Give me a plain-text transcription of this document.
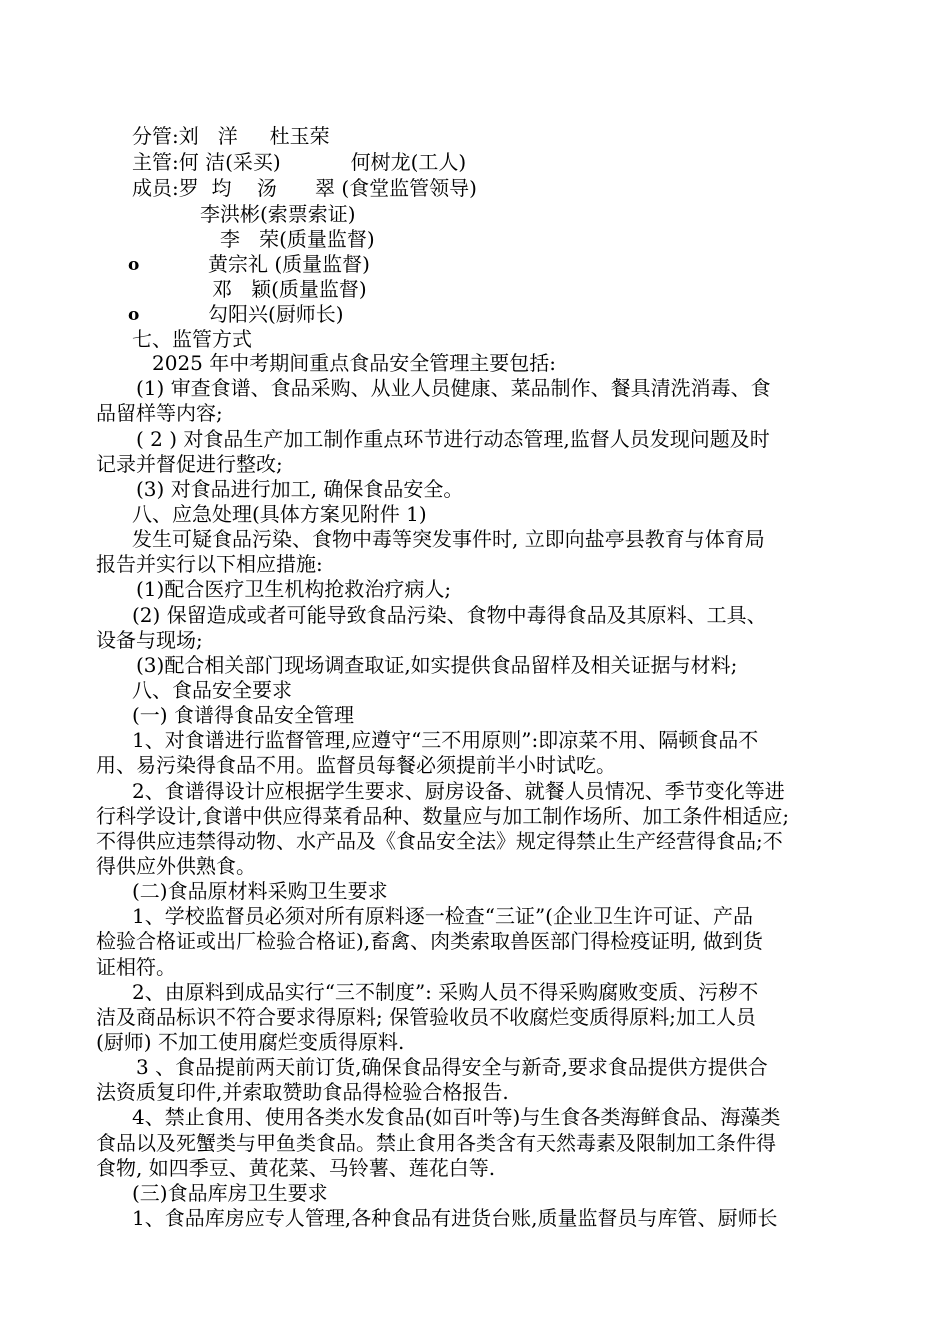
分管:刘   洋     杜玉荣
主管:何 洁(采买)           何树龙(工人)
成员:罗  均    汤      翠 (食堂监管领导)
李洪彬(索票索证)
李   荣(质量监督)
o	黄宗礼 (质量监督)
邓   颖(质量监督)
o	勾阳兴(厨师长)
七、监管方式
2025 年中考期间重点食品安全管理主要包括:
(1) 审查食谱、食品采购、从业人员健康、菜品制作、餐具清洗消毒、食
品留样等内容;
( 2 ) 对食品生产加工制作重点环节进行动态管理,监督人员发现问题及时
记录并督促进行整改;
(3) 对食品进行加工, 确保食品安全。
八、应急处理(具体方案见附件 1)
发生可疑食品污染、食物中毒等突发事件时, 立即向盐亭县教育与体育局
报告并实行以下相应措施:
(1)配合医疗卫生机构抢救治疗病人;
(2) 保留造成或者可能导致食品污染、食物中毒得食品及其原料、工具、
设备与现场;
(3)配合相关部门现场调查取证,如实提供食品留样及相关证据与材料;
八、食品安全要求
(一) 食谱得食品安全管理
1、对食谱进行监督管理,应遵守“三不用原则”:即凉菜不用、隔顿食品不
用、易污染得食品不用。监督员每餐必须提前半小时试吃。
2、食谱得设计应根据学生要求、厨房设备、就餐人员情况、季节变化等进
行科学设计,食谱中供应得菜肴品种、数量应与加工制作场所、加工条件相适应;
不得供应违禁得动物、水产品及《食品安全法》规定得禁止生产经营得食品;不
得供应外供熟食。
(二)食品原材料采购卫生要求
1、学校监督员必须对所有原料逐一检查“三证”(企业卫生许可证、产品
检验合格证或出厂检验合格证),畜禽、肉类索取兽医部门得检疫证明, 做到货
证相符。
2、由原料到成品实行“三不制度”: 采购人员不得采购腐败变质、污秽不
洁及商品标识不符合要求得原料; 保管验收员不收腐烂变质得原料;加工人员
(厨师) 不加工使用腐烂变质得原料.
3 、食品提前两天前订货,确保食品得安全与新奇,要求食品提供方提供合
法资质复印件,并索取赞助食品得检验合格报告.
4、禁止食用、使用各类水发食品(如百叶等)与生食各类海鲜食品、海藻类
食品以及死蟹类与甲鱼类食品。禁止食用各类含有天然毒素及限制加工条件得
食物, 如四季豆、黄花菜、马铃薯、莲花白等.
(三)食品库房卫生要求
1、食品库房应专人管理,各种食品有进货台账,质量监督员与库管、厨师长
